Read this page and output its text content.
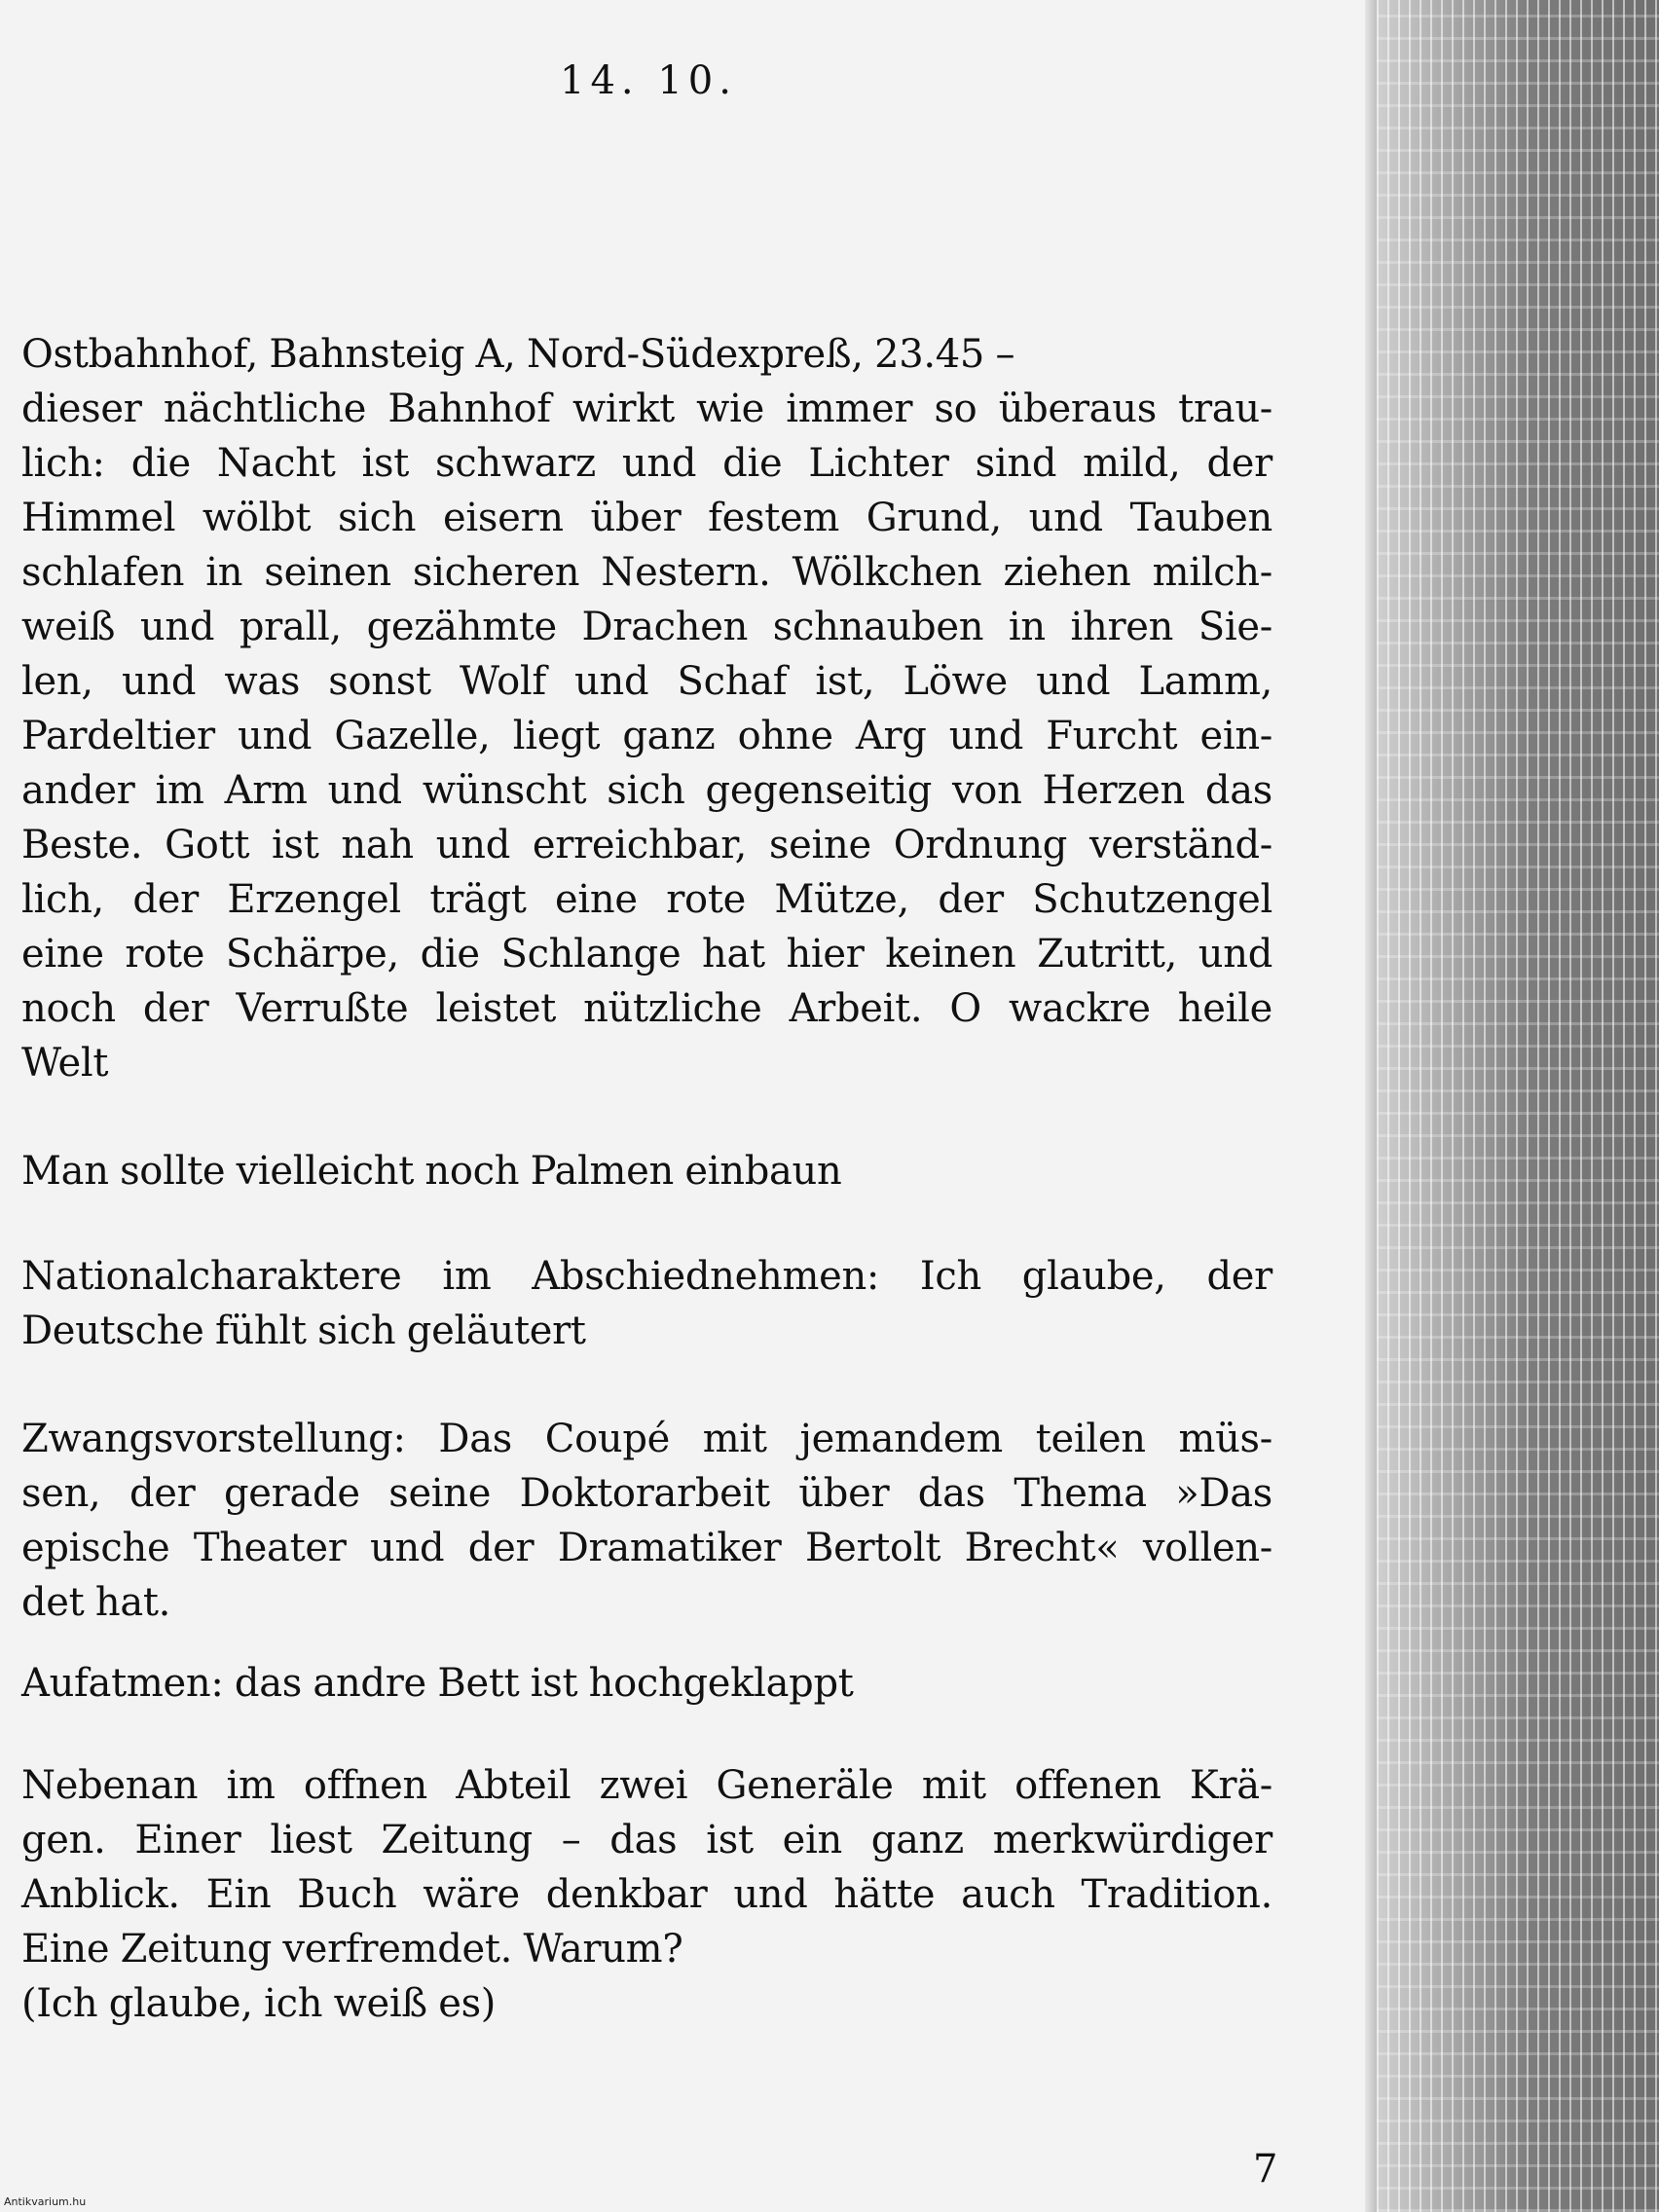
14. 10.
Ostbahnhof, Bahnsteig A, Nord-Südexpreß, 23.45 –
dieser nächtliche Bahnhof wirkt wie immer so überaus trau-
lich: die Nacht ist schwarz und die Lichter sind mild, der
Himmel wölbt sich eisern über festem Grund, und Tauben
schlafen in seinen sicheren Nestern. Wölkchen ziehen milch-
weiß und prall, gezähmte Drachen schnauben in ihren Sie-
len, und was sonst Wolf und Schaf ist, Löwe und Lamm,
Pardeltier und Gazelle, liegt ganz ohne Arg und Furcht ein-
ander im Arm und wünscht sich gegenseitig von Herzen das
Beste. Gott ist nah und erreichbar, seine Ordnung verständ-
lich, der Erzengel trägt eine rote Mütze, der Schutzengel
eine rote Schärpe, die Schlange hat hier keinen Zutritt, und
noch der Verrußte leistet nützliche Arbeit. O wackre heile
Welt
Man sollte vielleicht noch Palmen einbaun
Nationalcharaktere im Abschiednehmen: Ich glaube, der
Deutsche fühlt sich geläutert
Zwangsvorstellung: Das Coupé mit jemandem teilen müs-
sen, der gerade seine Doktorarbeit über das Thema »Das
epische Theater und der Dramatiker Bertolt Brecht« vollen-
det hat.
Aufatmen: das andre Bett ist hochgeklappt
Nebenan im offnen Abteil zwei Generäle mit offenen Krä-
gen. Einer liest Zeitung – das ist ein ganz merkwürdiger
Anblick. Ein Buch wäre denkbar und hätte auch Tradition.
Eine Zeitung verfremdet. Warum?
(Ich glaube, ich weiß es)
7
Antikvarium.hu
